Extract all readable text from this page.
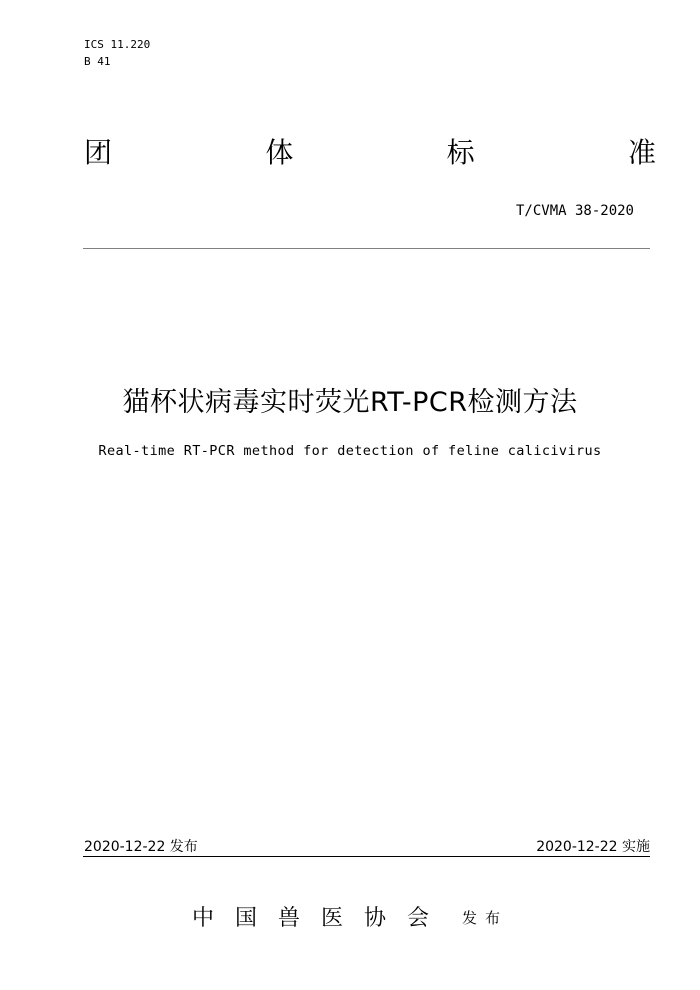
ICS 11.220
B 41
团	体	标	准
T/CVMA 38-2020
猫杯状病毒实时荧光RT-PCR检测方法
Real-time RT-PCR method for detection of feline calicivirus
2020-12-22 发布	2020-12-22 实施
中国兽医协会 发布
